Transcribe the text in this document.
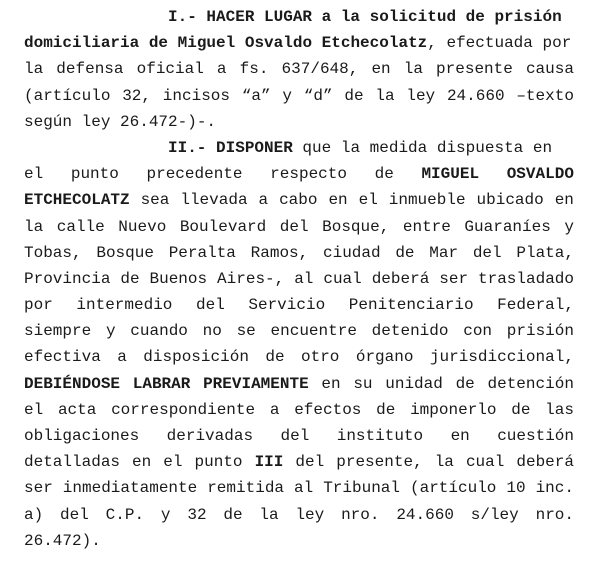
I.- HACER LUGAR a la solicitud de prisión
domiciliaria de Miguel Osvaldo Etchecolatz, efectuada por
la defensa oficial a fs. 637/648, en la presente causa
(artículo 32, incisos “a” y “d” de la ley 24.660 –texto
según ley 26.472-)-.
II.- DISPONER que la medida dispuesta en
el punto precedente respecto de MIGUEL OSVALDO
ETCHECOLATZ sea llevada a cabo en el inmueble ubicado en
la calle Nuevo Boulevard del Bosque, entre Guaraníes y
Tobas, Bosque Peralta Ramos, ciudad de Mar del Plata,
Provincia de Buenos Aires-, al cual deberá ser trasladado
por intermedio del Servicio Penitenciario Federal,
siempre y cuando no se encuentre detenido con prisión
efectiva a disposición de otro órgano jurisdiccional,
DEBIÉNDOSE LABRAR PREVIAMENTE en su unidad de detención
el acta correspondiente a efectos de imponerlo de las
obligaciones derivadas del instituto en cuestión
detalladas en el punto III del presente, la cual deberá
ser inmediatamente remitida al Tribunal (artículo 10 inc.
a) del C.P. y 32 de la ley nro. 24.660 s/ley nro.
26.472).
